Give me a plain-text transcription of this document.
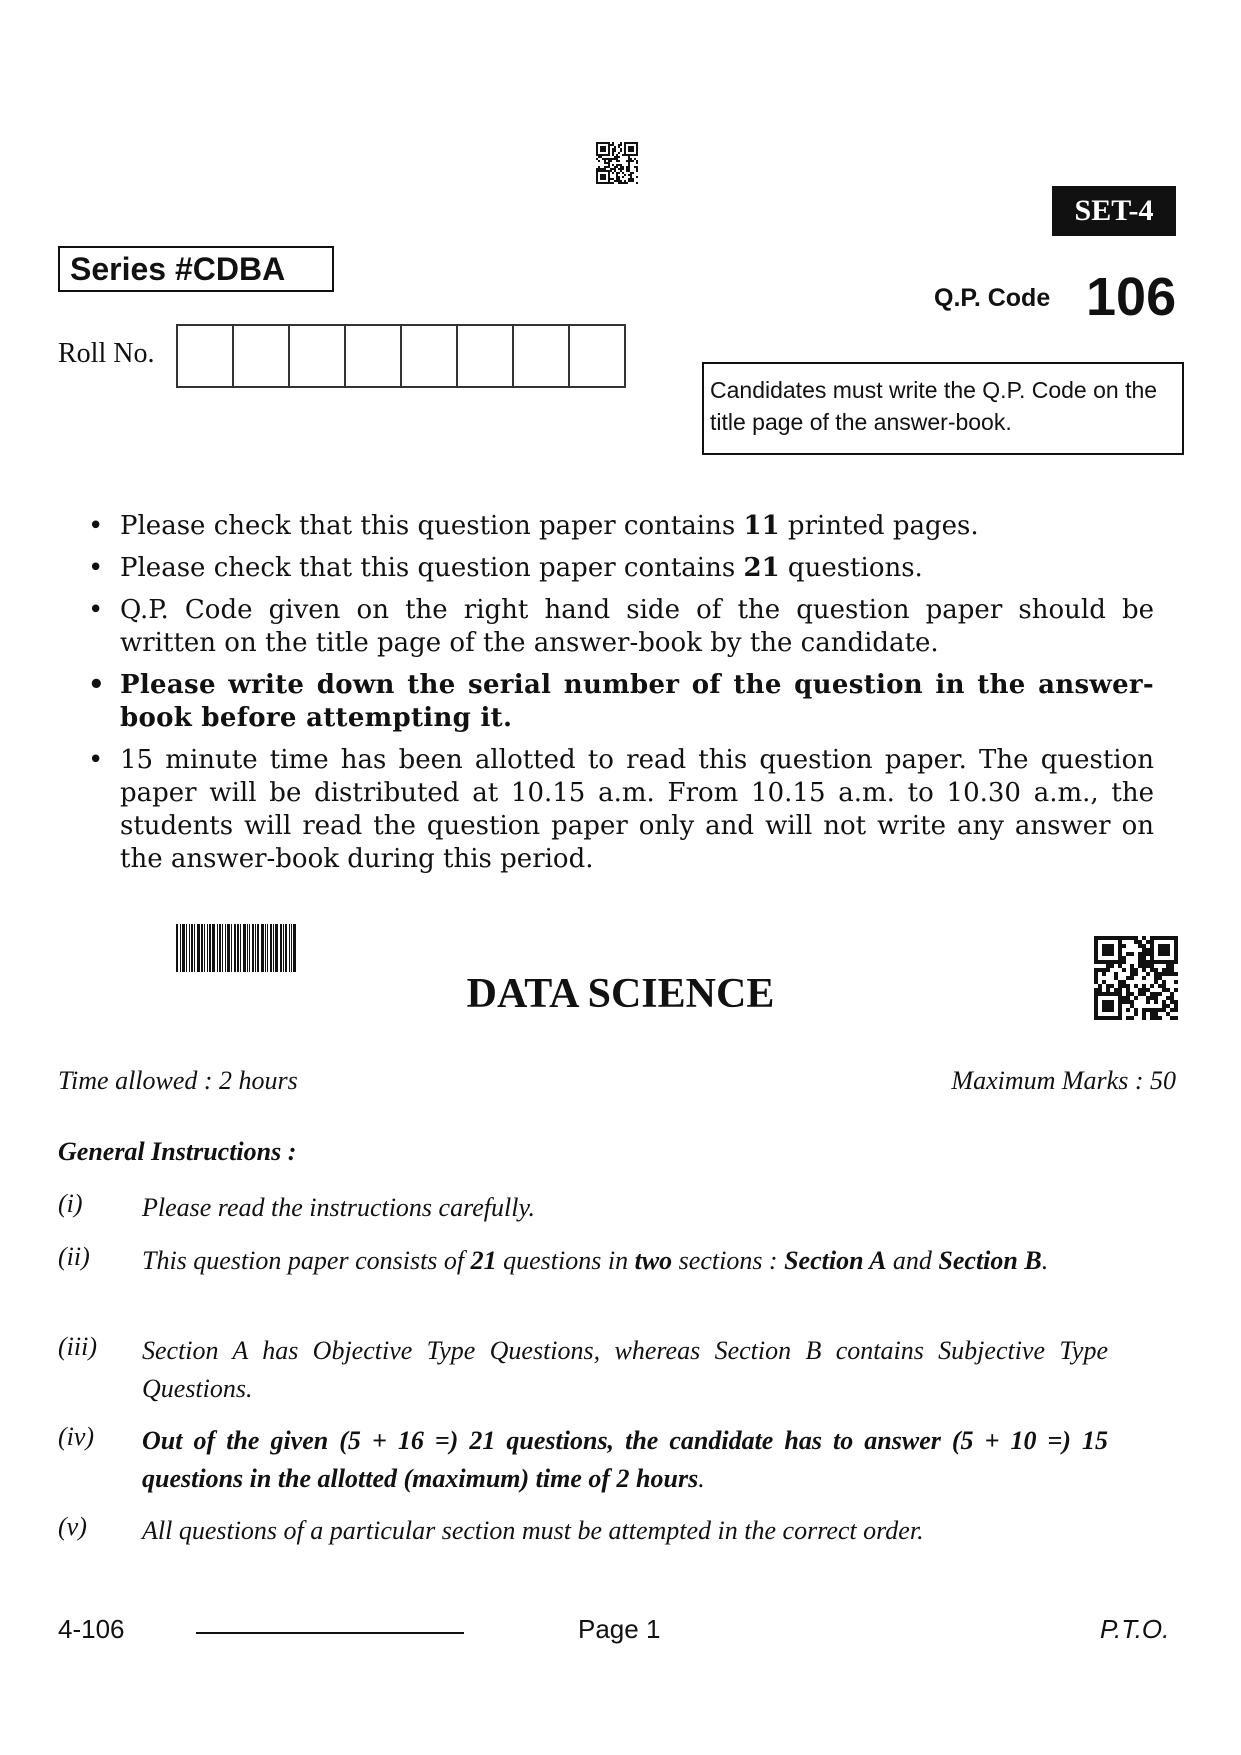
SET-4
Series #CDBA
Q.P. Code 106
Roll No.
Candidates must write the Q.P. Code on the title page of the answer-book.
• Please check that this question paper contains 11 printed pages.
• Please check that this question paper contains 21 questions.
• Q.P. Code given on the right hand side of the question paper should be written on the title page of the answer-book by the candidate.
• Please write down the serial number of the question in the answer-book before attempting it.
• 15 minute time has been allotted to read this question paper. The question paper will be distributed at 10.15 a.m. From 10.15 a.m. to 10.30 a.m., the students will read the question paper only and will not write any answer on the answer-book during this period.
DATA SCIENCE
Time allowed : 2 hours	Maximum Marks : 50
General Instructions :
(i) Please read the instructions carefully.
(ii) This question paper consists of 21 questions in two sections : Section A and Section B.
(iii) Section A has Objective Type Questions, whereas Section B contains Subjective Type Questions.
(iv) Out of the given (5 + 16 =) 21 questions, the candidate has to answer (5 + 10 =) 15 questions in the allotted (maximum) time of 2 hours.
(v) All questions of a particular section must be attempted in the correct order.
4-106	Page 1	P.T.O.
